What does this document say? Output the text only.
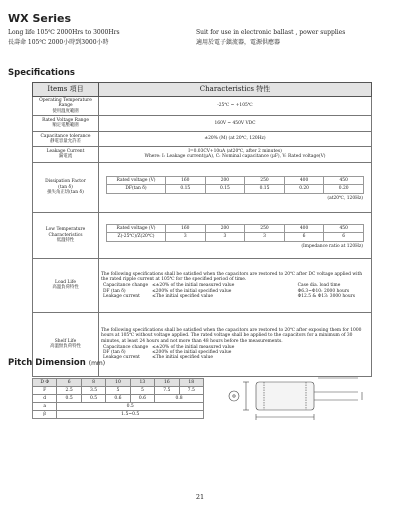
WX Series
Long life 105℃ 2000Hrs to 3000Hrs
長壽命 105℃ 2000小時到3000小時
Suit for use in electronic ballast , power supplies
適用於電子鎮流器，電源供應器
Specifications
Items 項目	Characteristics 特性

Operating Temperature Range
使用溫度範圍
	-25℃ ~ +105℃

Rated Voltage Range
額定電壓範圍
	160V ~ 450V VDC

Capacitance tolerance
靜電容量允許差
	±20% (M) (at 20℃, 120Hz)

Leakage Current
漏電流

I=0.03CV+10uA (at20℃, after 2 minutes)
Where: I: Leakage current(μA), C: Nominal capacitance (μF), V: Rated voltage(V)

Dissipation Factor
(tan δ)
損失角正切(tan δ)

Rated voltage (V)	160	200	250	400	450
DF(tan δ)	0.15	0.15	0.15	0.20	0.20
(at20℃, 120Hz)

Low Temperature
Characteristics
低溫特性

Rated voltage (V)	160	200	250	400	450
Z(-25℃)/Z(20℃)	3	3	3	6	6
(Impedance ratio at 120Hz)

Load Life
高溫負荷特性

The following specifications shall be satisfied when the capacitors are restored to 20℃ after DC voltage applied with the rated ripple current at 105℃ for the specified period of time.
Capacitance change	≤±20% of the initial measured value
DF (tan δ)	≤200% of the initial specified value
Leakage current	≤The initial specified value
Case dia. load time
Φ6.3~Φ10: 2000 hours
Φ12.5 & Φ13: 3000 hours

Shelf Life
高溫無負荷特性

The following specifications shall be satisfied when the capacitors are restored to 20℃ after exposing them for 1000 hours at 105℃ without voltage applied. The rated voltage shall be applied to the capacitors for a minimum of 30 minutes, at least 24 hours and not more than 48 hours before the measurements.
Capacitance change	≤±20% of the initial measured value
DF (tan δ)	≤200% of the initial specified value
Leakage current	≤The initial specified value
Pitch Dimension (mm)
D Φ	6	8	10	13	16	18
F	2.5	3.5	5	5	7.5	7.5
d	0.5	0.5	0.6	0.6	0.8	
a	0.5					
β	1.5~0.5					
21
